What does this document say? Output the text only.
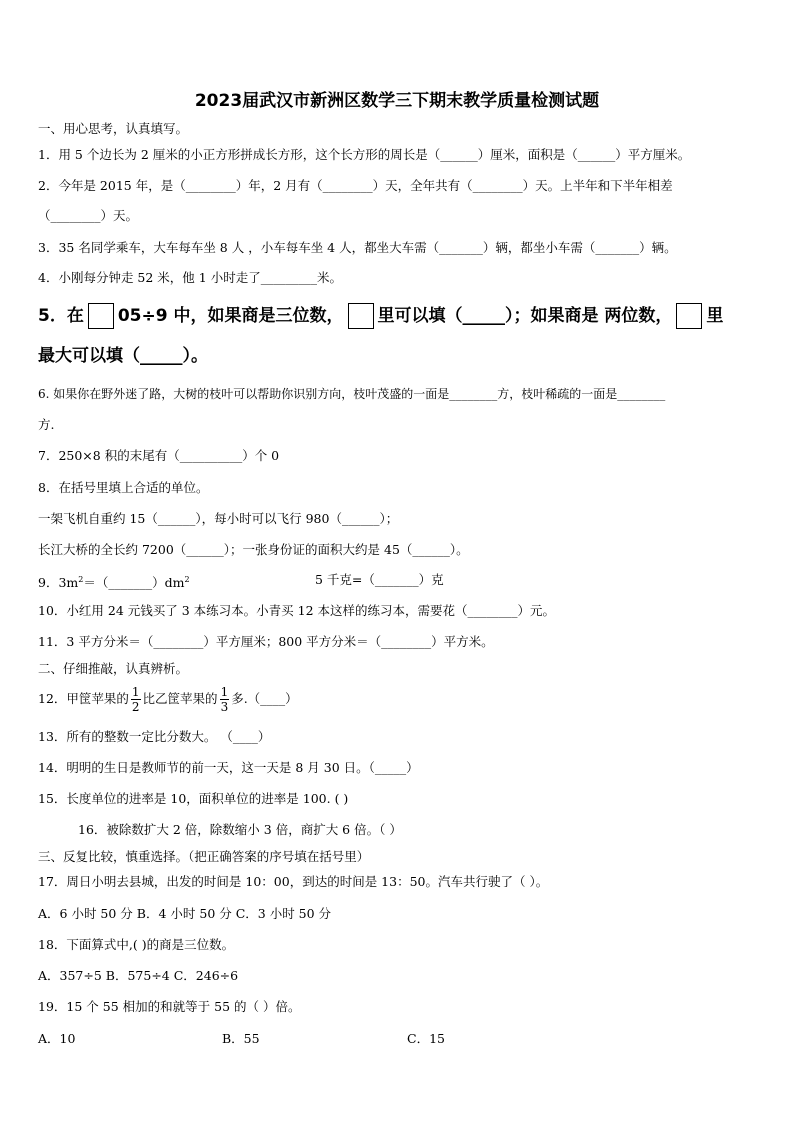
2023届武汉市新洲区数学三下期末教学质量检测试题
一、用心思考，认真填写。
1．用 5 个边长为 2 厘米的小正方形拼成长方形，这个长方形的周长是（______）厘米，面积是（______）平方厘米。
2．今年是 2015 年，是（________）年，2 月有（________）天，全年共有（________）天。上半年和下半年相差
（________）天。
3．35 名同学乘车，大车每车坐 8 人 ，小车每车坐 4 人，都坐大车需（_______）辆，都坐小车需（_______）辆。
4．小刚每分钟走 52 米，他 1 小时走了_________米。
5．在 05÷9 中，如果商是三位数， 里可以填（_____）；如果商是 两位数， 里
最大可以填（_____）。
6. 如果你在野外迷了路，大树的枝叶可以帮助你识别方向，枝叶茂盛的一面是________方，枝叶稀疏的一面是________
方.
7．250×8 积的末尾有（__________）个 0
8．在括号里填上合适的单位。
一架飞机自重约 15（______），每小时可以飞行 980（______）；
长江大桥的全长约 7200（______）；一张身份证的面积大约是 45（______）。
9．$3m^2=(\_\_\_\_\_\_\_)dm^2$	5 千克=（_______）克
10．小红用 24 元钱买了 3 本练习本。小青买 12 本这样的练习本，需要花（________）元。
11．3 平方分米＝（________）平方厘米；800 平方分米＝（________）平方米。
二、仔细推敲，认真辨析。
12．甲筐苹果的 $\frac{1}{2}$ 比乙筐苹果的 $\frac{1}{3}$ 多.（____）
13．所有的整数一定比分数大。 （____）
14．明明的生日是教师节的前一天，这一天是 8 月 30 日。（_____）
15．长度单位的进率是 10，面积单位的进率是 100. ( )
16．被除数扩大 2 倍，除数缩小 3 倍，商扩大 6 倍。（ ）
三、反复比较，慎重选择。（把正确答案的序号填在括号里）
17．周日小明去县城，出发的时间是 10：00，到达的时间是 13：50。汽车共行驶了（ ）。
A．6 小时 50 分 B．4 小时 50 分 C．3 小时 50 分
18．下面算式中,( )的商是三位数。
A．357÷5 B．575÷4 C．246÷6
19．15 个 55 相加的和就等于 55 的（ ）倍。
A．10	B．55	C．15
